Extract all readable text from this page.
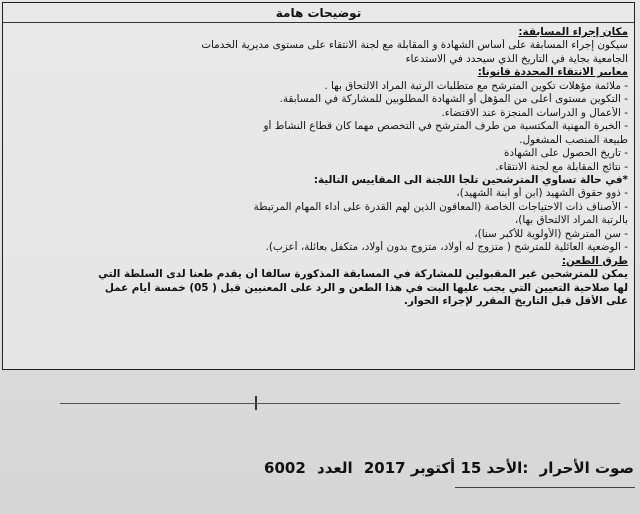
توضيحات هامة
مكان إجراء المسابقة:
سيكون إجراء المسابقة على أساس الشهادة و المقابلة مع لجنة الانتقاء على مستوى مديرية الخدمات
الجامعية بجاية في التاريخ الذي سيحدد في الاستدعاء
معايير الانتقاء المحددة قانونا:
- ملائمة مؤهلات تكوين المترشح مع متطلبات الرتبة المراد الالتحاق بها .
- التكوين مستوى أعلى من المؤهل أو الشهادة المطلوبين للمشاركة في المسابقة.
- الأعمال و الدراسات المنجزة عند الاقتضاء.
- الخبرة المهنية المكتسبة من طرف المترشح في التخصص مهما كان قطاع النشاط أو
طبيعة المنصب المشغول.
- تاريخ الحصول على الشهادة
- نتائج المقابلة مع لجنة الانتقاء.
*في حالة تساوي المترشحين تلجأ اللجنة الى المقاييس التالية:
- ذوو حقوق الشهيد (ابن أو ابنة الشهيد)،
- الأصناف ذات الاحتياجات الخاصة (المعاقون الذين لهم القدرة على أداء المهام المرتبطة
بالرتبة المراد الالتحاق بها)،
- سن المترشح (الأولوية للأكبر سنا)،
- الوضعية العائلية للمترشح ( متزوج له أولاد، متزوج بدون أولاد، متكفل بعائلة، أعزب).
طرق الطعن:
يمكن للمترشحين غير المقبولين للمشاركة في المسابقة المذكورة سالفا أن يقدم طعنا لدى السلطة التي
لها صلاحية التعيين التي يجب عليها البت في هذا الطعن و الرد على المعنيين قبل ( 05) خمسة أيام عمل
على الأقل قبل التاريخ المقرر لإجراء الحوار.
صوت الأحرار :الأحد 15 أكتوبر 2017 العدد 6002
